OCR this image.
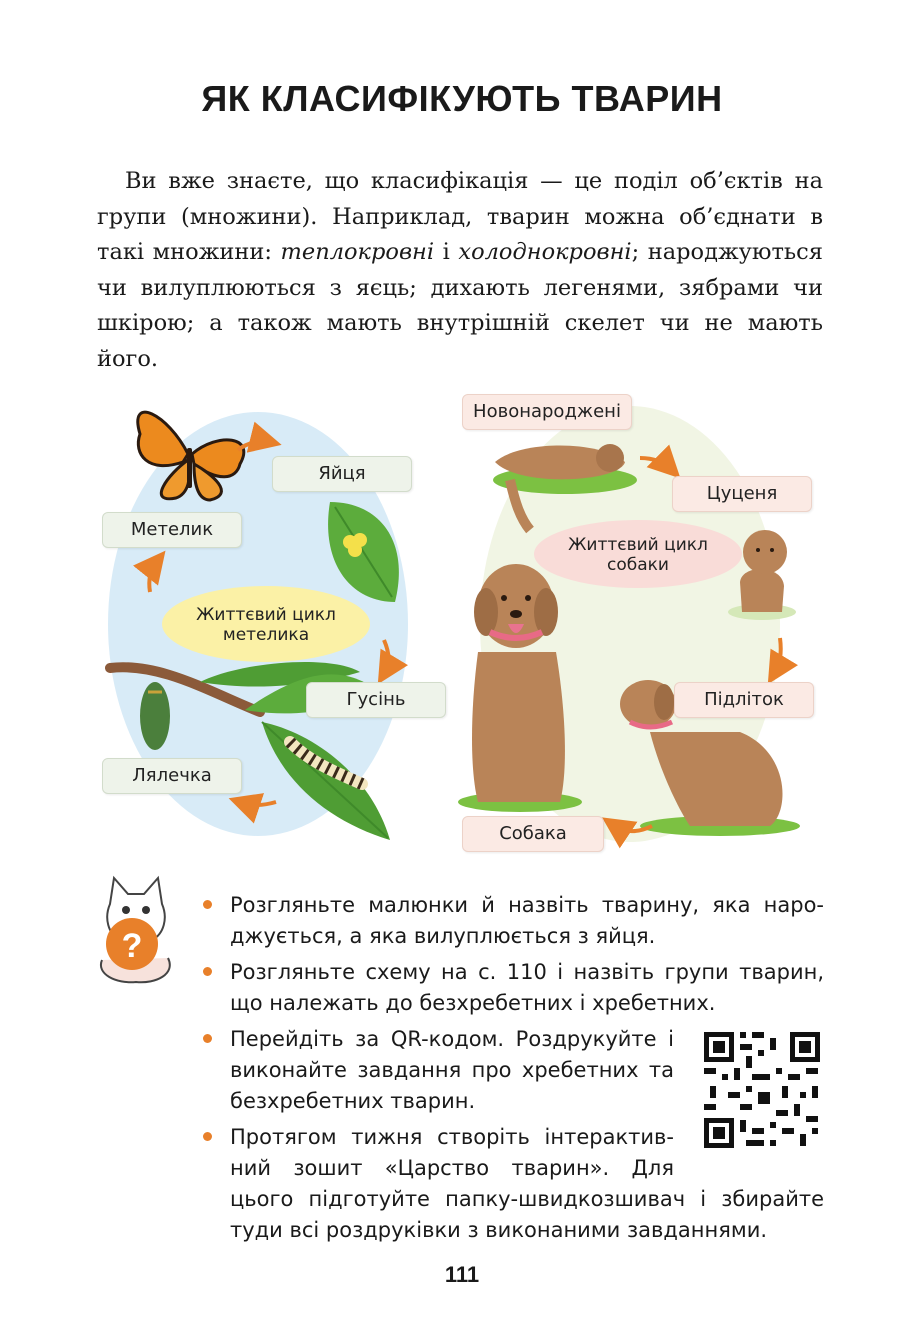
ЯК КЛАСИФІКУЮТЬ ТВАРИН

Ви вже знаєте, що класифікація — це поділ об’єктів на групи (множини). Наприклад, тварин можна об’єднати в такі множини: теплокровні і холоднокровні; народжуються чи вилуплюються з яєць; дихають легенями, зябрами чи шкірою; а також мають внутрішній скелет чи не мають його.

Життєвий цикл
метелика
Життєвий цикл
собаки
Яйця
Метелик
Гусінь
Лялечка
Новонароджені
Цуценя
Підліток
Собака
?
Розгляньте малюнки й назвіть тварину, яка наро-
джується, а яка вилуплюється з яйця.
Розгляньте схему на с. 110 і назвіть групи тварин,
що належать до безхребетних і хребетних.
Перейдіть за QR-кодом. Роздрукуйте і
виконайте завдання про хребетних та
безхребетних тварин.
Протягом тижня створіть інтерактив-
ний зошит «Царство тварин». Для
цього підготуйте папку-швидкозшивач і збирайте
туди всі роздруківки з виконаними завданнями.
111
